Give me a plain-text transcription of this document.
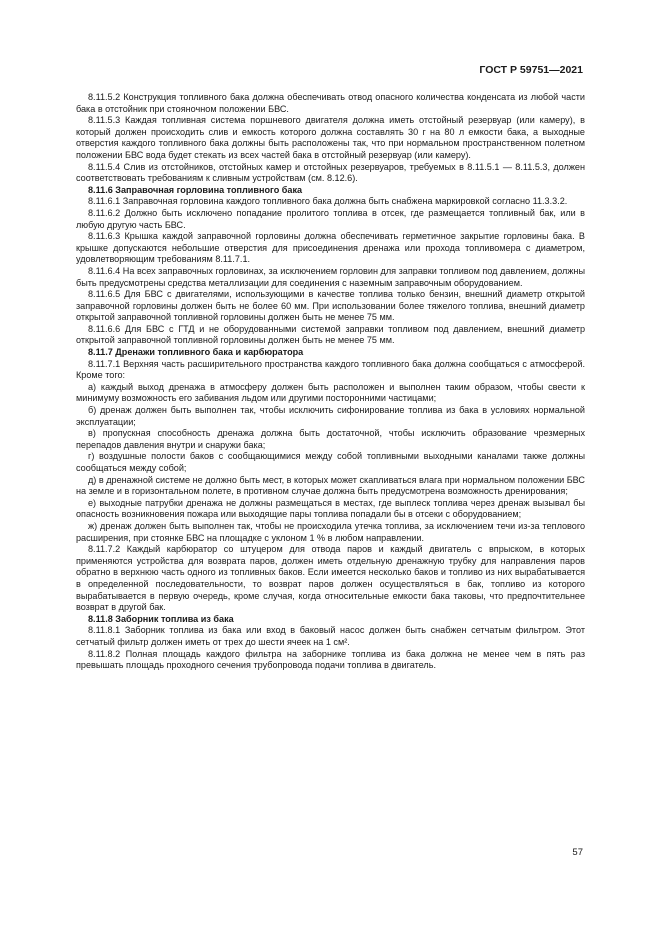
ГОСТ Р 59751—2021

8.11.5.2 Конструкция топливного бака должна обеспечивать отвод опасного количества конденсата из любой части бака в отстойник при стояночном положении БВС.

8.11.5.3 Каждая топливная система поршневого двигателя должна иметь отстойный резервуар (или камеру), в который должен происходить слив и емкость которого должна составлять 30 г на 80 л емкости бака, а выходные отверстия каждого топливного бака должны быть расположены так, что при нормальном пространственном полетном положении БВС вода будет стекать из всех частей бака в отстойный резервуар (или камеру).

8.11.5.4 Слив из отстойников, отстойных камер и отстойных резервуаров, требуемых в 8.11.5.1 — 8.11.5.3, должен соответствовать требованиям к сливным устройствам (см. 8.12.6).

8.11.6 Заправочная горловина топливного бака

8.11.6.1 Заправочная горловина каждого топливного бака должна быть снабжена маркировкой согласно 11.3.3.2.

8.11.6.2 Должно быть исключено попадание пролитого топлива в отсек, где размещается топливный бак, или в любую другую часть БВС.

8.11.6.3 Крышка каждой заправочной горловины должна обеспечивать герметичное закрытие горловины бака. В крышке допускаются небольшие отверстия для присоединения дренажа или прохода топливомера с диаметром, удовлетворяющим требованиям 8.11.7.1.

8.11.6.4 На всех заправочных горловинах, за исключением горловин для заправки топливом под давлением, должны быть предусмотрены средства металлизации для соединения с наземным заправочным оборудованием.

8.11.6.5 Для БВС с двигателями, использующими в качестве топлива только бензин, внешний диаметр открытой заправочной горловины должен быть не более 60 мм. При использовании более тяжелого топлива, внешний диаметр открытой заправочной топливной горловины должен быть не менее 75 мм.

8.11.6.6 Для БВС с ГТД и не оборудованными системой заправки топливом под давлением, внешний диаметр открытой заправочной топливной горловины должен быть не менее 75 мм.

8.11.7 Дренажи топливного бака и карбюратора

8.11.7.1 Верхняя часть расширительного пространства каждого топливного бака должна сообщаться с атмосферой. Кроме того:

а) каждый выход дренажа в атмосферу должен быть расположен и выполнен таким образом, чтобы свести к минимуму возможность его забивания льдом или другими посторонними частицами;

б) дренаж должен быть выполнен так, чтобы исключить сифонирование топлива из бака в условиях нормальной эксплуатации;

в) пропускная способность дренажа должна быть достаточной, чтобы исключить образование чрезмерных перепадов давления внутри и снаружи бака;

г) воздушные полости баков с сообщающимися между собой топливными выходными каналами также должны сообщаться между собой;

д) в дренажной системе не должно быть мест, в которых может скапливаться влага при нормальном положении БВС на земле и в горизонтальном полете, в противном случае должна быть предусмотрена возможность дренирования;

е) выходные патрубки дренажа не должны размещаться в местах, где выплеск топлива через дренаж вызывал бы опасность возникновения пожара или выходящие пары топлива попадали бы в отсеки с оборудованием;

ж) дренаж должен быть выполнен так, чтобы не происходила утечка топлива, за исключением течи из-за теплового расширения, при стоянке БВС на площадке с уклоном 1 % в любом направлении.

8.11.7.2 Каждый карбюратор со штуцером для отвода паров и каждый двигатель с впрыском, в которых применяются устройства для возврата паров, должен иметь отдельную дренажную трубку для направления паров обратно в верхнюю часть одного из топливных баков. Если имеется несколько баков и топливо из них вырабатывается в определенной последовательности, то возврат паров должен осуществляться в бак, топливо из которого вырабатывается в первую очередь, кроме случая, когда относительные емкости бака таковы, что предпочтительнее возврат в другой бак.

8.11.8 Заборник топлива из бака

8.11.8.1 Заборник топлива из бака или вход в баковый насос должен быть снабжен сетчатым фильтром. Этот сетчатый фильтр должен иметь от трех до шести ячеек на 1 см².

8.11.8.2 Полная площадь каждого фильтра на заборнике топлива из бака должна не менее чем в пять раз превышать площадь проходного сечения трубопровода подачи топлива в двигатель.

57
